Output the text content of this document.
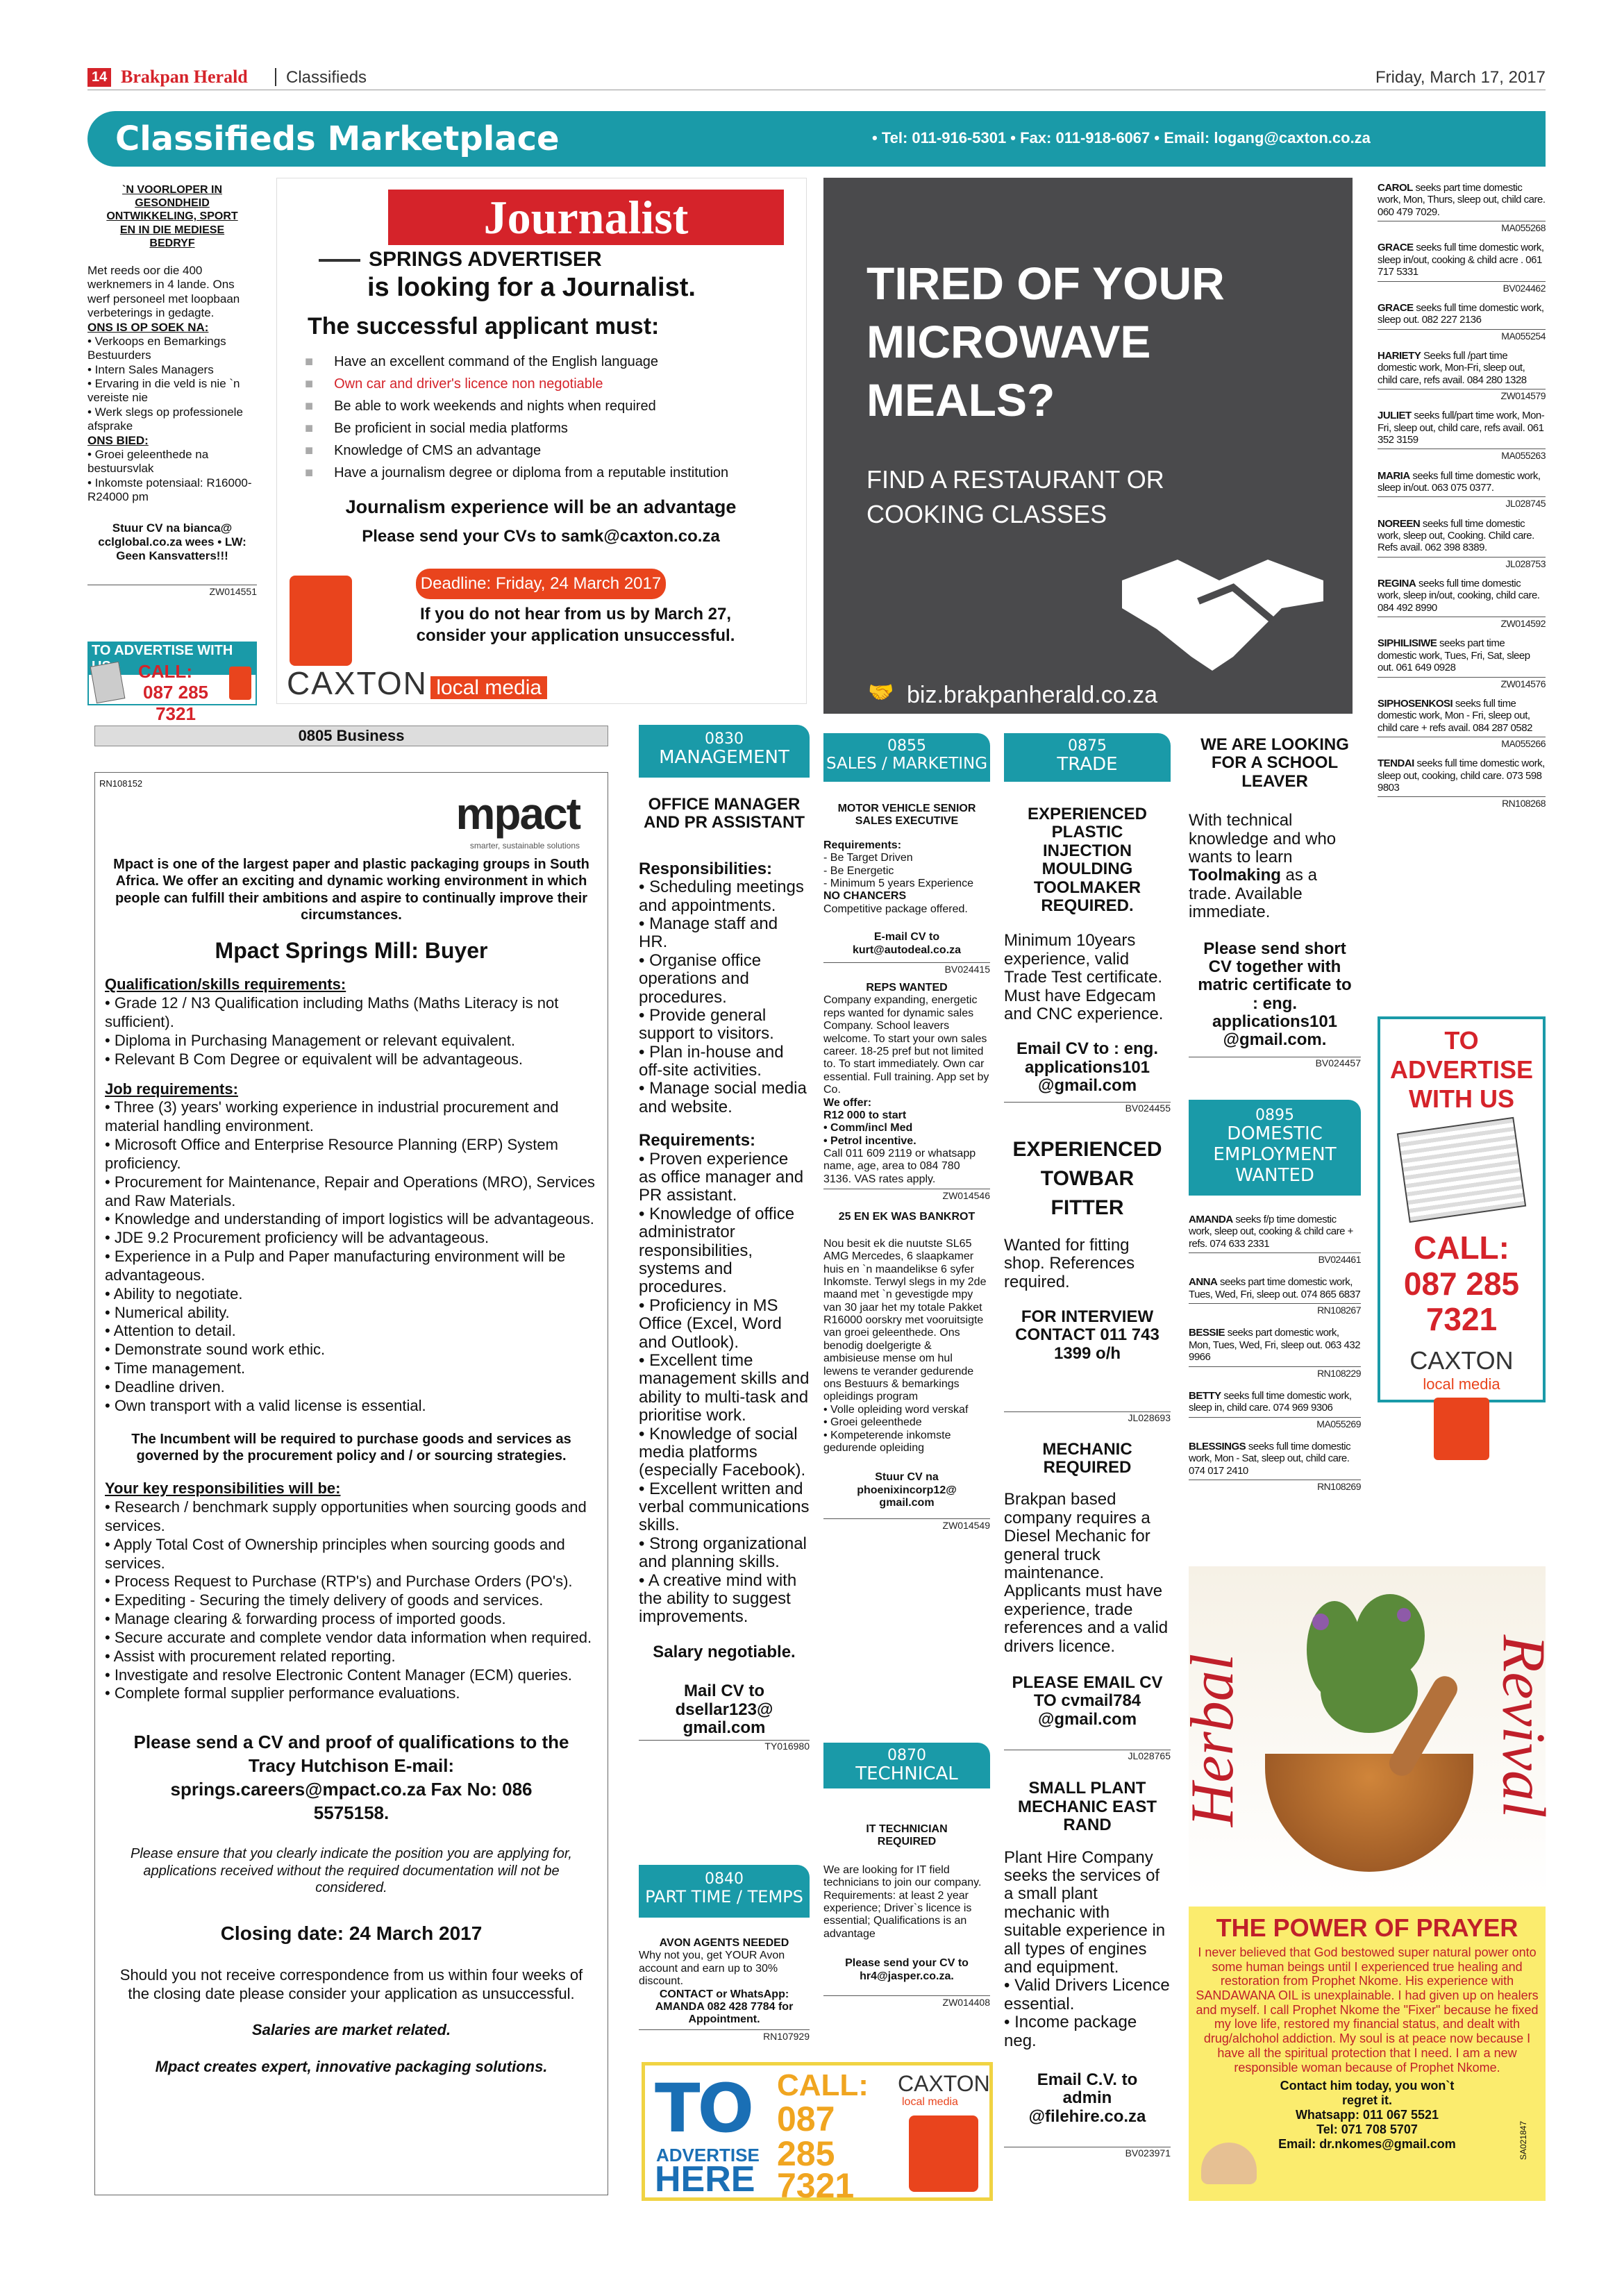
14 Brakpan Herald Classifieds	Friday, March 17, 2017
Classifieds Marketplace	• Tel: 011-916-5301 • Fax: 011-918-6067 • Email: logang@caxton.co.za

`N VOORLOPER IN GESONDHEID ONTWIKKELING, SPORT EN IN DIE MEDIESE BEDRYF

Met reeds oor die 400 werknemers in 4 lande. Ons werf personeel met loopbaan verbeterings in gedagte.

ONS IS OP SOEK NA:

• Verkoops en Bemarkings Bestuurders
• Intern Sales Managers
• Ervaring in die veld is nie `n vereiste nie
• Werk slegs op professionele afsprake

ONS BIED:

• Groei geleenthede na bestuursvlak
• Inkomste potensiaal: R16000-R24000 pm

Stuur CV na bianca@ cclglobal.co.za wees • LW: Geen Kansvatters!!!

ZW014551

TO ADVERTISE WITH
CALL:
087 285 7321
Journalist
SPRINGS ADVERTISER
is looking for a Journalist.
The successful applicant must:
■ Have an excellent command of the English language
■ Own car and driver's licence non negotiable
■ Be able to work weekends and nights when required
■ Be proficient in social media platforms
■ Knowledge of CMS an advantage
■ Have a journalism degree or diploma from a reputable institution
Journalism experience will be an advantage
Please send your CVs to samk@caxton.co.za
Deadline: Friday, 24 March 2017
If you do not hear from us by March 27, consider your application unsuccessful.
CAXTON local media
TIRED OF YOUR MICROWAVE MEALS?
FIND A RESTAURANT OR COOKING CLASSES
🤝 biz.brakpanherald.co.za
CAROL seeks part time domestic work, Mon, Thurs, sleep out, child care. 060 479 7029.
MA055268
GRACE seeks full time domestic work, sleep in/out, cooking & child acre . 061 717 5331
BV024462
GRACE seeks full time domestic work, sleep out. 082 227 2136
MA055254
HARIETY Seeks full /part time domestic work, Mon-Fri, sleep out, child care, refs avail. 084 280 1328
ZW014579
JULIET seeks full/part time work, Mon-Fri, sleep out, child care, refs avail. 061 352 3159
MA055263
MARIA seeks full time domestic work, sleep in/out. 063 075 0377.
JL028745
NOREEN seeks full time domestic work, sleep out, Cooking. Child care. Refs avail. 062 398 8389.
JL028753
REGINA seeks full time domestic work, sleep in/out, cooking, child care. 084 492 8990
ZW014592
SIPHILISIWE seeks part time domestic work, Tues, Fri, Sat, sleep out. 061 649 0928
ZW014576
SIPHOSENKOSI seeks full time domestic work, Mon - Fri, sleep out, child care + refs avail. 084 287 0582
MA055266
TENDAI seeks full time domestic work, sleep out, cooking, child care. 073 598 9803
RN108268
TO
ADVERTISE
WITH US
CALL:
087 285 7321
CAXTON
local media
0805 Business
RN108152
mpact
smarter, sustainable solutions

Mpact is one of the largest paper and plastic packaging groups in South Africa. We offer an exciting and dynamic working environment in which people can fulfill their ambitions and aspire to continually improve their circumstances.

Mpact Springs Mill: Buyer

Qualification/skills requirements:

• Grade 12 / N3 Qualification including Maths (Maths Literacy is not sufficient).
• Diploma in Purchasing Management or relevant equivalent.
• Relevant B Com Degree or equivalent will be advantageous.

Job requirements:

• Three (3) years' working experience in industrial procurement and material handling environment.
• Microsoft Office and Enterprise Resource Planning (ERP) System proficiency.
• Procurement for Maintenance, Repair and Operations (MRO), Services and Raw Materials.
• Knowledge and understanding of import logistics will be advantageous.
• JDE 9.2 Procurement proficiency will be advantageous.
• Experience in a Pulp and Paper manufacturing environment will be advantageous.
• Ability to negotiate.
• Numerical ability.
• Attention to detail.
• Demonstrate sound work ethic.
• Time management.
• Deadline driven.
• Own transport with a valid license is essential.

The Incumbent will be required to purchase goods and services as governed by the procurement policy and / or sourcing strategies.

Your key responsibilities will be:

• Research / benchmark supply opportunities when sourcing goods and services.
• Apply Total Cost of Ownership principles when sourcing goods and services.
• Process Request to Purchase (RTP's) and Purchase Orders (PO's).
• Expediting - Securing the timely delivery of goods and services.
• Manage clearing & forwarding process of imported goods.
• Secure accurate and complete vendor data information when required.
• Assist with procurement related reporting.
• Investigate and resolve Electronic Content Manager (ECM) queries.
• Complete formal supplier performance evaluations.

Please send a CV and proof of qualifications to the Tracy Hutchison E-mail: springs.careers@mpact.co.za Fax No: 086 5575158.

Please ensure that you clearly indicate the position you are applying for, applications received without the required documentation will not be considered.

Closing date: 24 March 2017

Should you not receive correspondence from us within four weeks of the closing date please consider your application as unsuccessful.

Salaries are market related.

Mpact creates expert, innovative packaging solutions.

0830
MANAGEMENT

OFFICE MANAGER AND PR ASSISTANT

Responsibilities:

• Scheduling meetings and appointments.
• Manage staff and HR.
• Organise office operations and procedures.
• Provide general support to visitors.
• Plan in-house and off-site activities.
• Manage social media and website.

Requirements:

• Proven experience as office manager and PR assistant.
• Knowledge of office administrator responsibilities, systems and procedures.
• Proficiency in MS Office (Excel, Word and Outlook).
• Excellent time management skills and ability to multi-task and prioritise work.
• Knowledge of social media platforms (especially Facebook).
• Excellent written and verbal communications skills.
• Strong organizational and planning skills.
• A creative mind with the ability to suggest improvements.

Salary negotiable.

Mail CV to dsellar123@ gmail.com

TY016980

0840
PART TIME / TEMPS

AVON AGENTS NEEDED

Why not you, get YOUR Avon account and earn up to 30% discount.

CONTACT or WhatsApp: AMANDA 082 428 7784 for Appointment.

RN107929

TO
ADVERTISE
HERE
CALL:
087
285
7321
CAXTON
local media
0855
SALES / MARKETING

MOTOR VEHICLE SENIOR SALES EXECUTIVE

Requirements:

- Be Target Driven

- Be Energetic

- Minimum 5 years Experience

NO CHANCERS

Competitive package offered.

E-mail CV to kurt@autodeal.co.za

BV024415

REPS WANTED

Company expanding, energetic reps wanted for dynamic sales Company. School leavers welcome. To start your own sales career. 18-25 pref but not limited to. To start immediately. Own car essential. Full training. App set by Co.

We offer:

R12 000 to start

• Comm/incl Med

• Petrol incentive.

Call 011 609 2119 or whatsapp name, age, area to 084 780 3136. VAS rates apply.

ZW014546

25 EN EK WAS BANKROT

Nou besit ek die nuutste SL65 AMG Mercedes, 6 slaapkamer huis en `n maandelikse 6 syfer Inkomste. Terwyl slegs in my 2de maand met `n gevestigde mpy van 30 jaar het my totale Pakket R16000 oorskry met vooruitsigte van groei geleenthede. Ons benodig doelgerigte & ambisieuse mense om hul lewens te verander gedurende ons Bestuurs & bemarkings opleidings program

• Volle opleiding word verskaf

• Groei geleenthede

• Kompeterende inkomste gedurende opleiding

Stuur CV na phoenixincorp12@ gmail.com

ZW014549

0870
TECHNICAL

IT TECHNICIAN REQUIRED

We are looking for IT field technicians to join our company. Requirements: at least 2 year experience; Driver`s licence is essential; Qualifications is an advantage

Please send your CV to hr4@jasper.co.za.

ZW014408

0875
TRADE

EXPERIENCED PLASTIC INJECTION MOULDING TOOLMAKER REQUIRED.

Minimum 10years experience, valid Trade Test certificate. Must have Edgecam and CNC experience.

Email CV to : eng. applications101 @gmail.com

BV024455

EXPERIENCED TOWBAR FITTER

Wanted for fitting shop. References required.

FOR INTERVIEW CONTACT 011 743 1399 o/h

JL028693

MECHANIC REQUIRED

Brakpan based company requires a Diesel Mechanic for general truck maintenance. Applicants must have experience, trade references and a valid drivers licence.

PLEASE EMAIL CV TO cvmail784 @gmail.com

JL028765

SMALL PLANT MECHANIC EAST RAND

Plant Hire Company seeks the services of a small plant mechanic with suitable experience in all types of engines and equipment.

• Valid Drivers Licence essential.

• Income package neg.

Email C.V. to admin @filehire.co.za

BV023971

WE ARE LOOKING FOR A SCHOOL LEAVER

With technical knowledge and who wants to learn Toolmaking as a trade. Available immediate.

Please send short CV together with matric certificate to : eng. applications101 @gmail.com.

BV024457

0895
DOMESTIC EMPLOYMENT WANTED
AMANDA seeks f/p time domestic work, sleep out, cooking & child care + refs. 074 633 2331
BV024461
ANNA seeks part time domestic work, Tues, Wed, Fri, sleep out. 074 865 6837
RN108267
BESSIE seeks part domestic work, Mon, Tues, Wed, Fri, sleep out. 063 432 9966
RN108229
BETTY seeks full time domestic work, sleep in, child care. 074 969 9306
MA055269
BLESSINGS seeks full time domestic work, Mon - Sat, sleep out, child care. 074 017 2410
RN108269
Herbal	Revival
THE POWER OF PRAYER

I never believed that God bestowed super natural power onto some human beings until I experienced true healing and restoration from Prophet Nkome. His experience with SANDAWANA OIL is unexplainable. I had given up on healers and myself. I call Prophet Nkome the "Fixer" because he fixed my love life, restored my financial status, and dealt with drug/alchohol addiction. My soul is at peace now because I have all the spiritual protection that I need. I am a new responsible woman because of Prophet Nkome.

Contact him today, you won`t regret it.

Whatsapp: 011 067 5521

Tel: 071 708 5707

Email: dr.nkomes@gmail.com	SA021847
